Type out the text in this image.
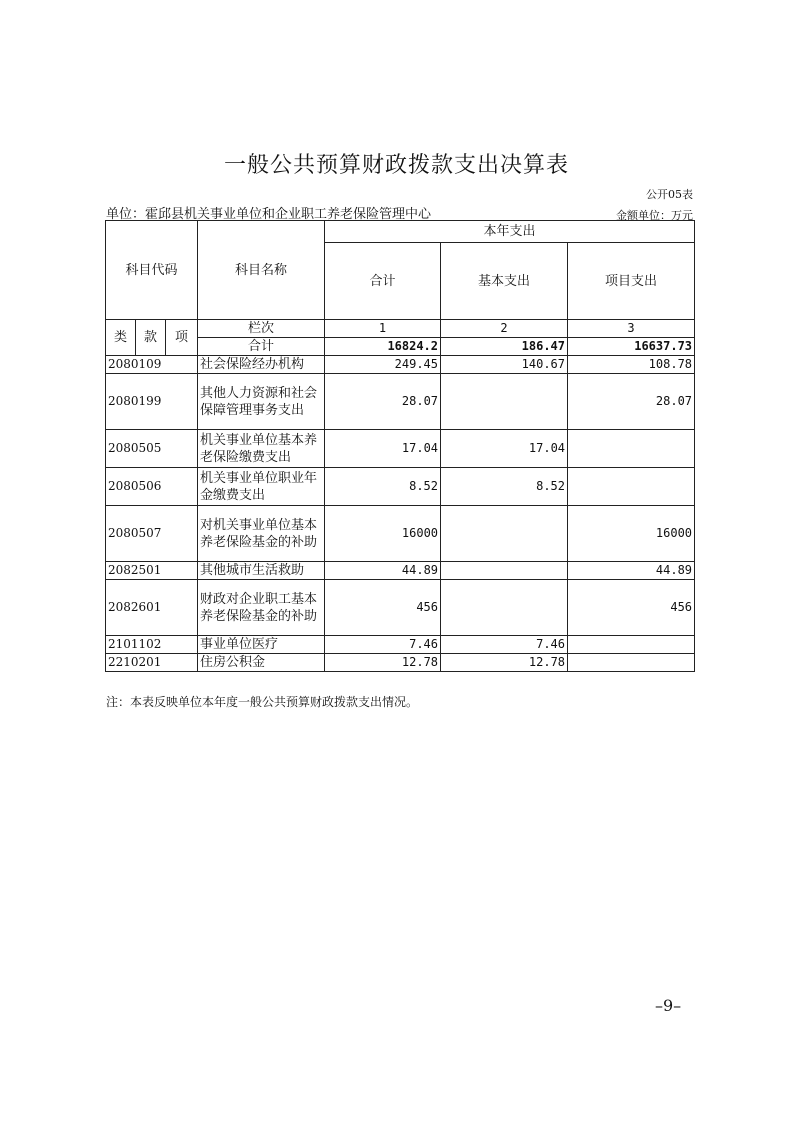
一般公共预算财政拨款支出决算表
公开05表
单位：霍邱县机关事业单位和企业职工养老保险管理中心	金额单位：万元
科目代码			科目名称	本年支出		
				合计	基本支出	项目支出
类	款	项	栏次	1	2	3
			合计	16824.2	186.47	16637.73
2080109			社会保险经办机构	249.45	140.67	108.78
2080199			其他人力资源和社会保障管理事务支出	28.07		28.07
2080505			机关事业单位基本养老保险缴费支出	17.04	17.04	
2080506			机关事业单位职业年金缴费支出	8.52	8.52	
2080507			对机关事业单位基本养老保险基金的补助	16000		16000
2082501			其他城市生活救助	44.89		44.89
2082601			财政对企业职工基本养老保险基金的补助	456		456
2101102			事业单位医疗	7.46	7.46	
2210201			住房公积金	12.78	12.78	
注：本表反映单位本年度一般公共预算财政拨款支出情况。
–9–
